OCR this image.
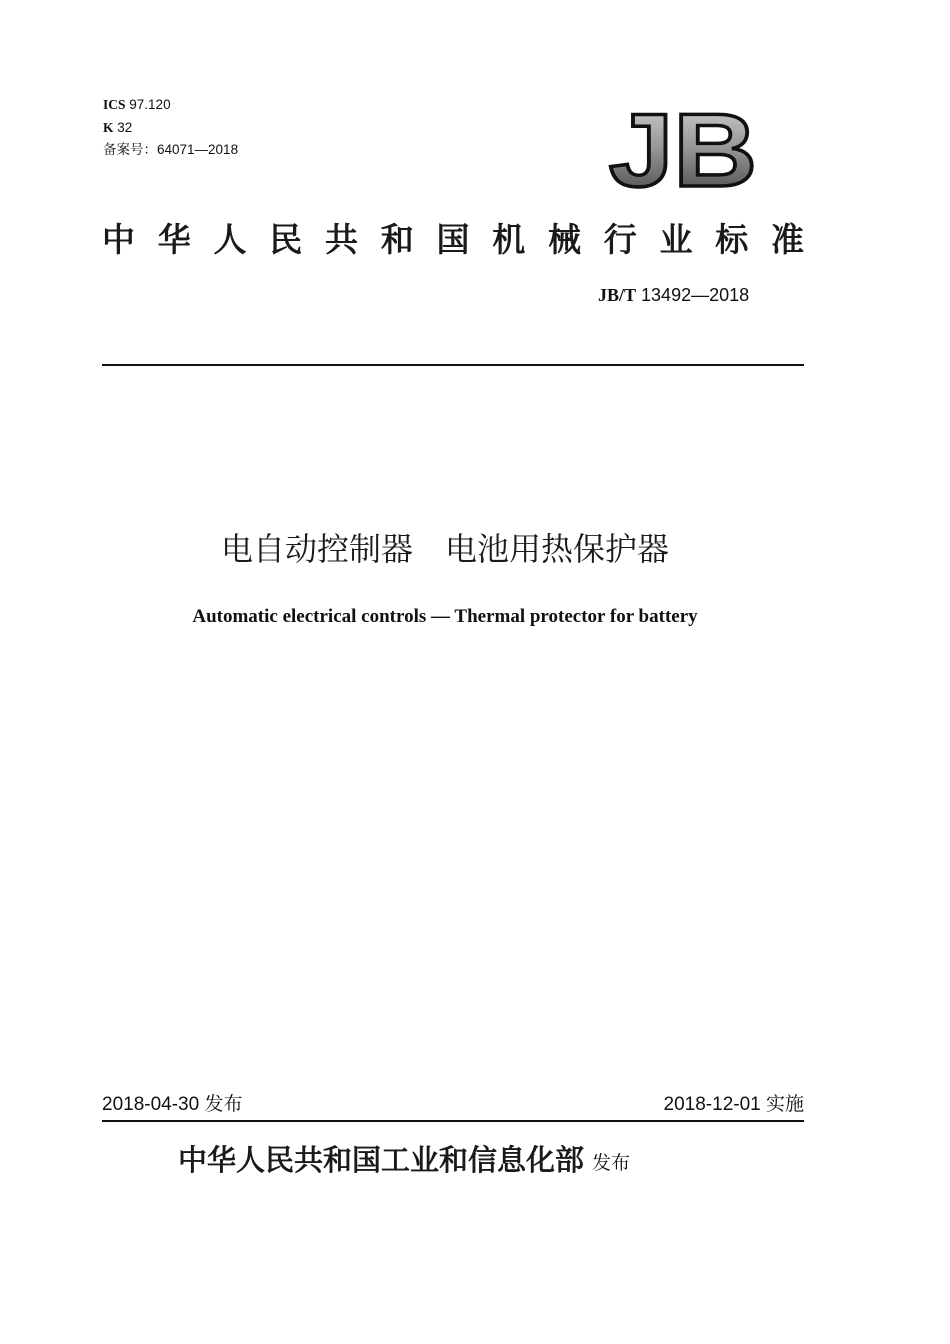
ICS 97.120
K 32
备案号：64071—2018	JB
中华人民共和国机械行业标准
JB/T 13492—2018
电自动控制器　电池用热保护器
Automatic electrical controls — Thermal protector for battery
2018-04-30 发布	2018-12-01 实施
中华人民共和国工业和信息化部 发布
